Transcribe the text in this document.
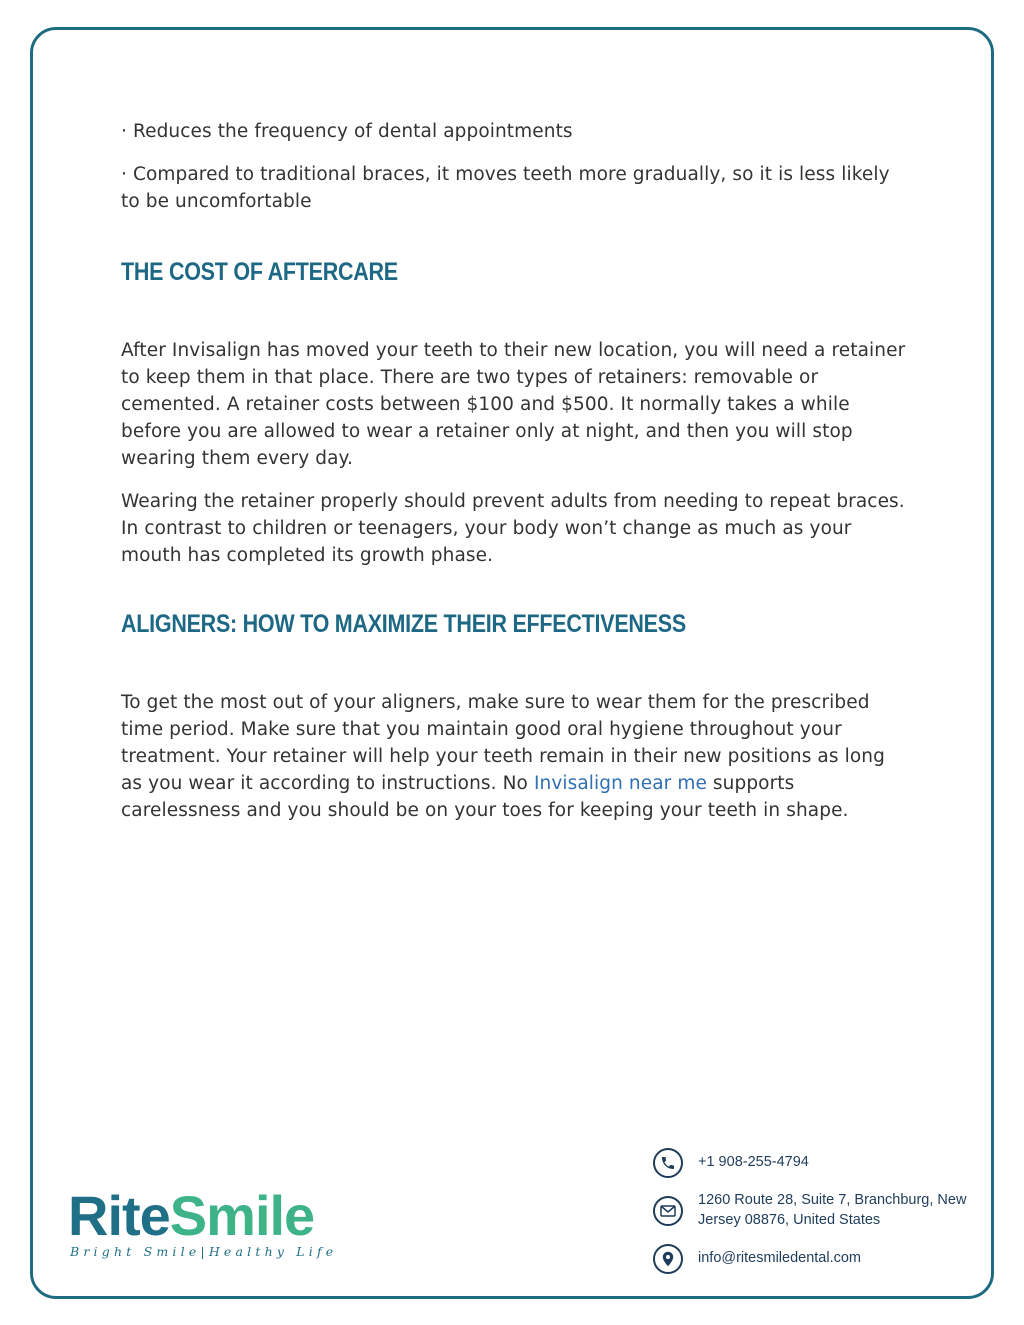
· Reduces the frequency of dental appointments

· Compared to traditional braces, it moves teeth more gradually, so it is less likely to be uncomfortable

THE COST OF AFTERCARE

After Invisalign has moved your teeth to their new location, you will need a retainer to keep them in that place. There are two types of retainers: removable or cemented. A retainer costs between $100 and $500. It normally takes a while before you are allowed to wear a retainer only at night, and then you will stop wearing them every day.

Wearing the retainer properly should prevent adults from needing to repeat braces. In contrast to children or teenagers, your body won’t change as much as your mouth has completed its growth phase.

ALIGNERS: HOW TO MAXIMIZE THEIR EFFECTIVENESS

To get the most out of your aligners, make sure to wear them for the prescribed time period. Make sure that you maintain good oral hygiene throughout your treatment. Your retainer will help your teeth remain in their new positions as long as you wear it according to instructions. No Invisalign near me supports carelessness and you should be on your toes for keeping your teeth in shape.

RiteSmile
Bright Smile|Healthy Life
+1 908-255-4794
1260 Route 28, Suite 7, Branchburg, New Jersey 08876, United States
info@ritesmiledental.com
